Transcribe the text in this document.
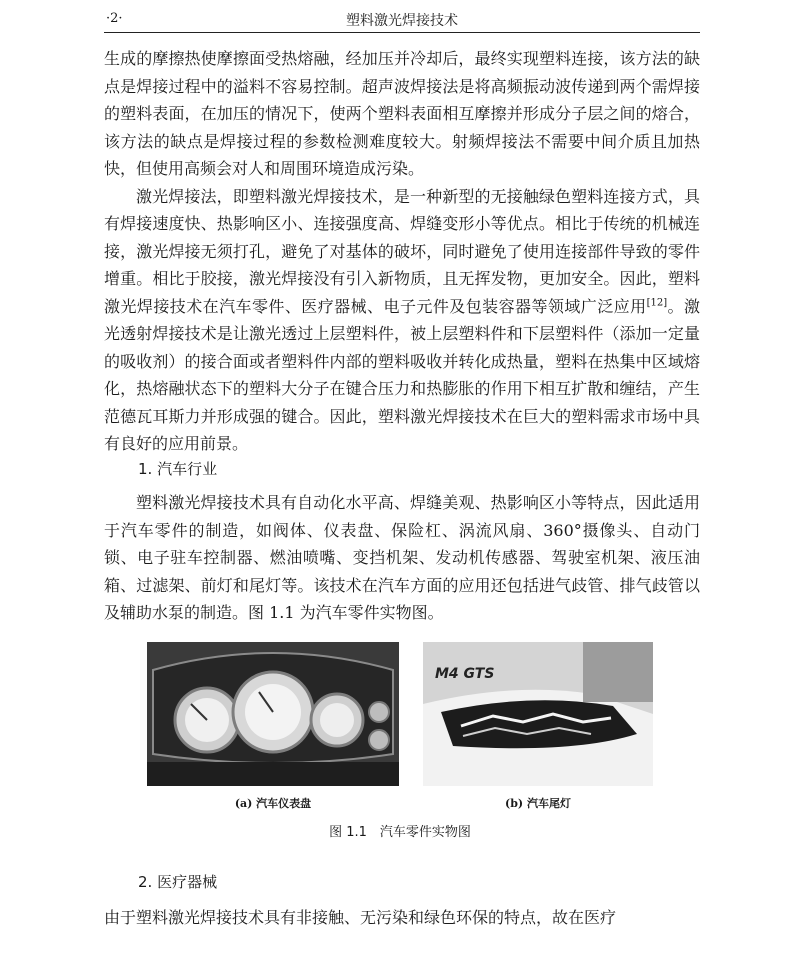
·2·	塑料激光焊接技术

生成的摩擦热使摩擦面受热熔融，经加压并冷却后，最终实现塑料连接，该方法的缺点是焊接过程中的溢料不容易控制。超声波焊接法是将高频振动波传递到两个需焊接的塑料表面，在加压的情况下，使两个塑料表面相互摩擦并形成分子层之间的熔合，该方法的缺点是焊接过程的参数检测难度较大。射频焊接法不需要中间介质且加热快，但使用高频会对人和周围环境造成污染。

激光焊接法，即塑料激光焊接技术，是一种新型的无接触绿色塑料连接方式，具有焊接速度快、热影响区小、连接强度高、焊缝变形小等优点。相比于传统的机械连接，激光焊接无须打孔，避免了对基体的破坏，同时避免了使用连接部件导致的零件增重。相比于胶接，激光焊接没有引入新物质，且无挥发物，更加安全。因此，塑料激光焊接技术在汽车零件、医疗器械、电子元件及包装容器等领域广泛应用[12]。激光透射焊接技术是让激光透过上层塑料件，被上层塑料件和下层塑料件（添加一定量的吸收剂）的接合面或者塑料件内部的塑料吸收并转化成热量，塑料在热集中区域熔化，热熔融状态下的塑料大分子在键合压力和热膨胀的作用下相互扩散和缠结，产生范德瓦耳斯力并形成强的键合。因此，塑料激光焊接技术在巨大的塑料需求市场中具有良好的应用前景。

1. 汽车行业

塑料激光焊接技术具有自动化水平高、焊缝美观、热影响区小等特点，因此适用于汽车零件的制造，如阀体、仪表盘、保险杠、涡流风扇、360°摄像头、自动门锁、电子驻车控制器、燃油喷嘴、变挡机架、发动机传感器、驾驶室机架、液压油箱、过滤架、前灯和尾灯等。该技术在汽车方面的应用还包括进气歧管、排气歧管以及辅助水泵的制造。图 1.1 为汽车零件实物图。

M4 GTS
(a) 汽车仪表盘	(b) 汽车尾灯
图 1.1　汽车零件实物图
2. 医疗器械

由于塑料激光焊接技术具有非接触、无污染和绿色环保的特点，故在医疗
